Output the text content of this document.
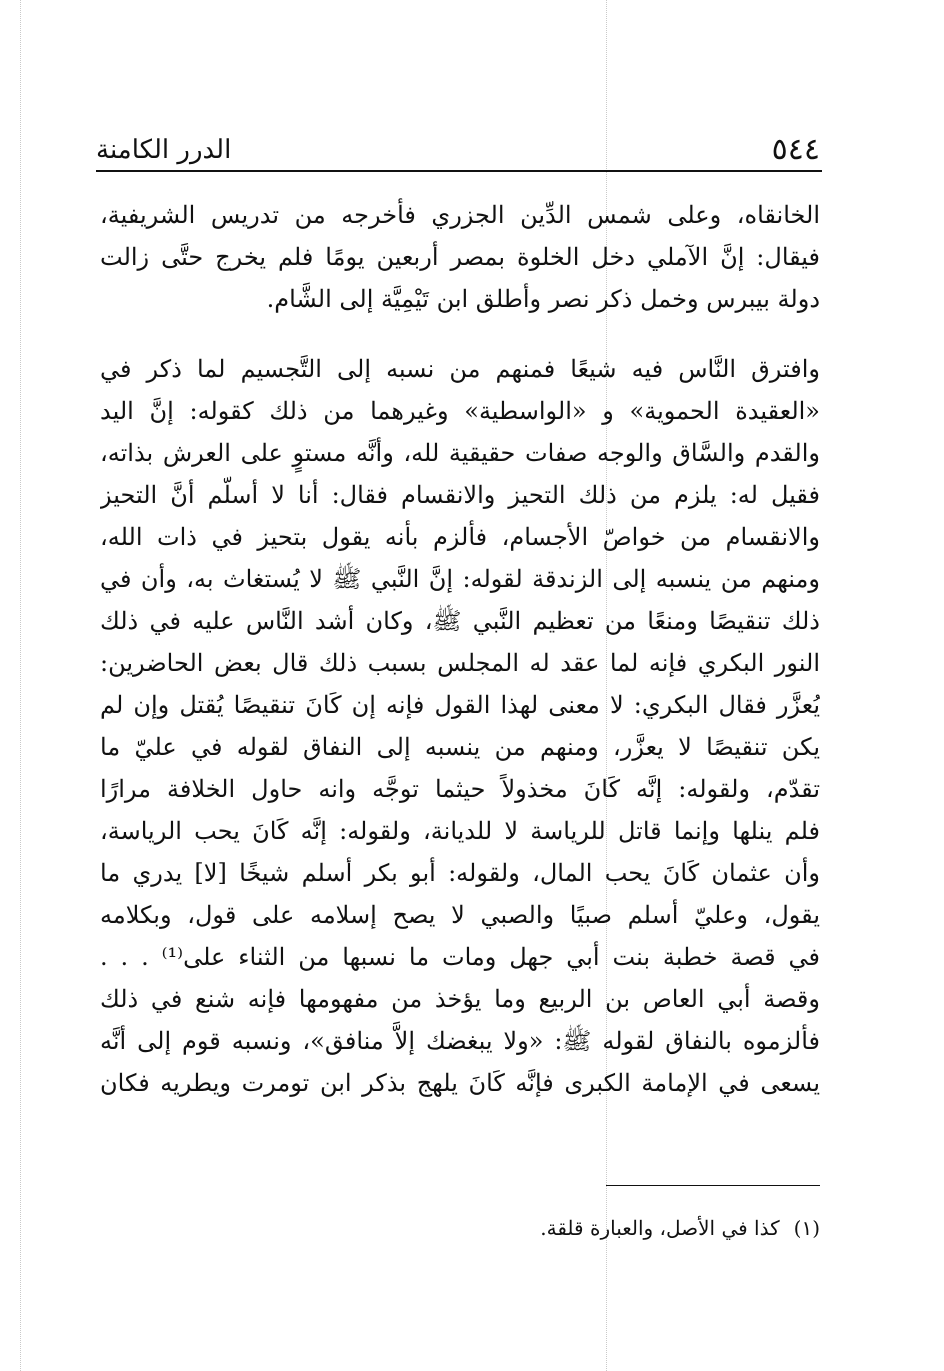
٥٤٤
الدرر الكامنة
الخانقاه، وعلى شمس الدِّين الجزري فأخرجه من تدريس الشريفية،
فيقال: إنَّ الآملي دخل الخلوة بمصر أربعين يومًا فلم يخرج حتَّى زالت
دولة بيبرس وخمل ذكر نصر وأطلق ابن تَيْمِيَّة إلى الشَّام.
وافترق النَّاس فيه شيعًا فمنهم من نسبه إلى التَّجسيم لما ذكر في
«العقيدة الحموية» و «الواسطية» وغيرهما من ذلك كقوله: إنَّ اليد
والقدم والسَّاق والوجه صفات حقيقية لله، وأنَّه مستوٍ على العرش بذاته،
فقيل له: يلزم من ذلك التحيز والانقسام فقال: أنا لا أسلّم أنَّ التحيز
والانقسام من خواصّ الأجسام، فألزم بأنه يقول بتحيز في ذات الله،
ومنهم من ينسبه إلى الزندقة لقوله: إنَّ النَّبي ﷺ لا يُستغاث به، وأن في
ذلك تنقيصًا ومنعًا من تعظيم النَّبي ﷺ، وكان أشد النَّاس عليه في ذلك
النور البكري فإنه لما عقد له المجلس بسبب ذلك قال بعض الحاضرين:
يُعزَّر فقال البكري: لا معنى لهذا القول فإنه إن كَانَ تنقيصًا يُقتل وإن لم
يكن تنقيصًا لا يعزَّر، ومنهم من ينسبه إلى النفاق لقوله في عليّ ما
تقدّم، ولقوله: إنَّه كَانَ مخذولاً حيثما توجَّه وانه حاول الخلافة مرارًا
فلم ينلها وإنما قاتل للرياسة لا للديانة، ولقوله: إنَّه كَانَ يحب الرياسة،
وأن عثمان كَانَ يحب المال، ولقوله: أبو بكر أسلم شيخًا [لا] يدري ما
يقول، وعليّ أسلم صبيًا والصبي لا يصح إسلامه على قول، وبكلامه
في قصة خطبة بنت أبي جهل ومات ما نسبها من الثناء على⁽¹⁾ . . .
وقصة أبي العاص بن الربيع وما يؤخذ من مفهومها فإنه شنع في ذلك
فألزموه بالنفاق لقوله ﷺ: «ولا يبغضك إلاَّ منافق»، ونسبه قوم إلى أنَّه
يسعى في الإمامة الكبرى فإنَّه كَانَ يلهج بذكر ابن تومرت ويطريه فكان
(١)كذا في الأصل، والعبارة قلقة.
